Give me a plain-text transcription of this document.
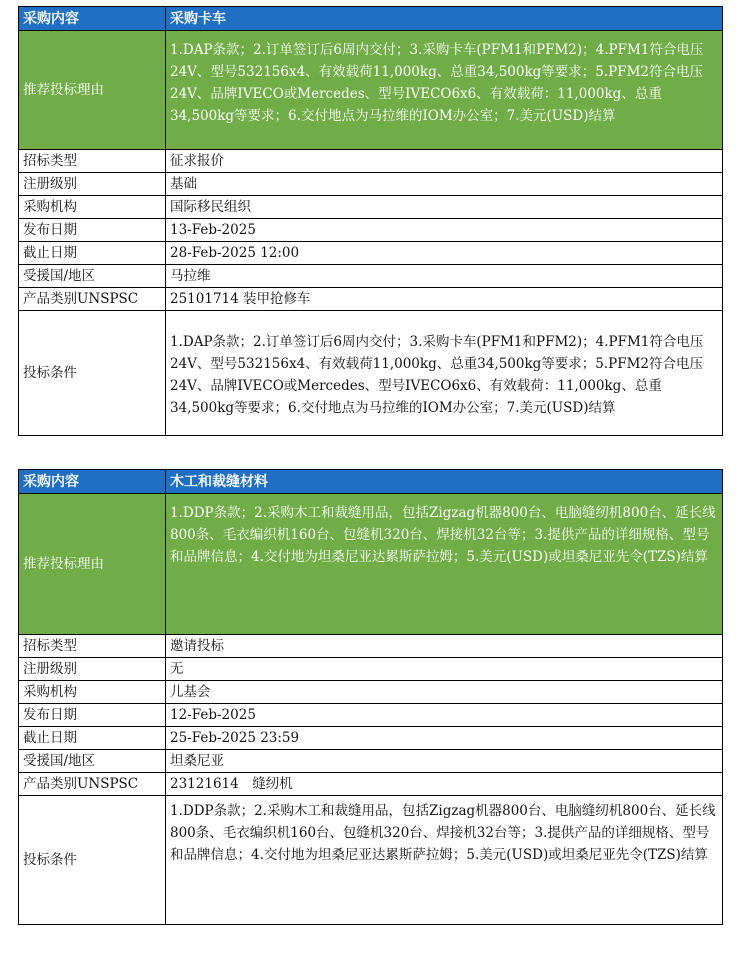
采购内容	采购卡车
推荐投标理由	1.DAP条款；2.订单签订后6周内交付；3.采购卡车(PFM1和PFM2)；4.PFM1符合电压24V、型号532156x4、有效载荷11,000kg、总重34,500kg等要求；5.PFM2符合电压24V、品牌IVECO或Mercedes、型号IVECO6x6、有效载荷：11,000kg、总重34,500kg等要求；6.交付地点为马拉维的IOM办公室；7.美元(USD)结算
招标类型	征求报价
注册级别	基础
采购机构	国际移民组织
发布日期	13-Feb-2025
截止日期	28-Feb-2025 12:00
受援国/地区	马拉维
产品类别UNSPSC	25101714 装甲抢修车
投标条件	1.DAP条款；2.订单签订后6周内交付；3.采购卡车(PFM1和PFM2)；4.PFM1符合电压24V、型号532156x4、有效载荷11,000kg、总重34,500kg等要求；5.PFM2符合电压24V、品牌IVECO或Mercedes、型号IVECO6x6、有效载荷：11,000kg、总重34,500kg等要求；6.交付地点为马拉维的IOM办公室；7.美元(USD)结算
采购内容	木工和裁缝材料
推荐投标理由	1.DDP条款；2.采购木工和裁缝用品，包括Zigzag机器800台、电脑缝纫机800台、延长线800条、毛衣编织机160台、包缝机320台、焊接机32台等；3.提供产品的详细规格、型号和品牌信息；4.交付地为坦桑尼亚达累斯萨拉姆；5.美元(USD)或坦桑尼亚先令(TZS)结算
招标类型	邀请投标
注册级别	无
采购机构	儿基会
发布日期	12-Feb-2025
截止日期	25-Feb-2025 23:59
受援国/地区	坦桑尼亚
产品类别UNSPSC	23121614　缝纫机
投标条件	1.DDP条款；2.采购木工和裁缝用品，包括Zigzag机器800台、电脑缝纫机800台、延长线800条、毛衣编织机160台、包缝机320台、焊接机32台等；3.提供产品的详细规格、型号和品牌信息；4.交付地为坦桑尼亚达累斯萨拉姆；5.美元(USD)或坦桑尼亚先令(TZS)结算
